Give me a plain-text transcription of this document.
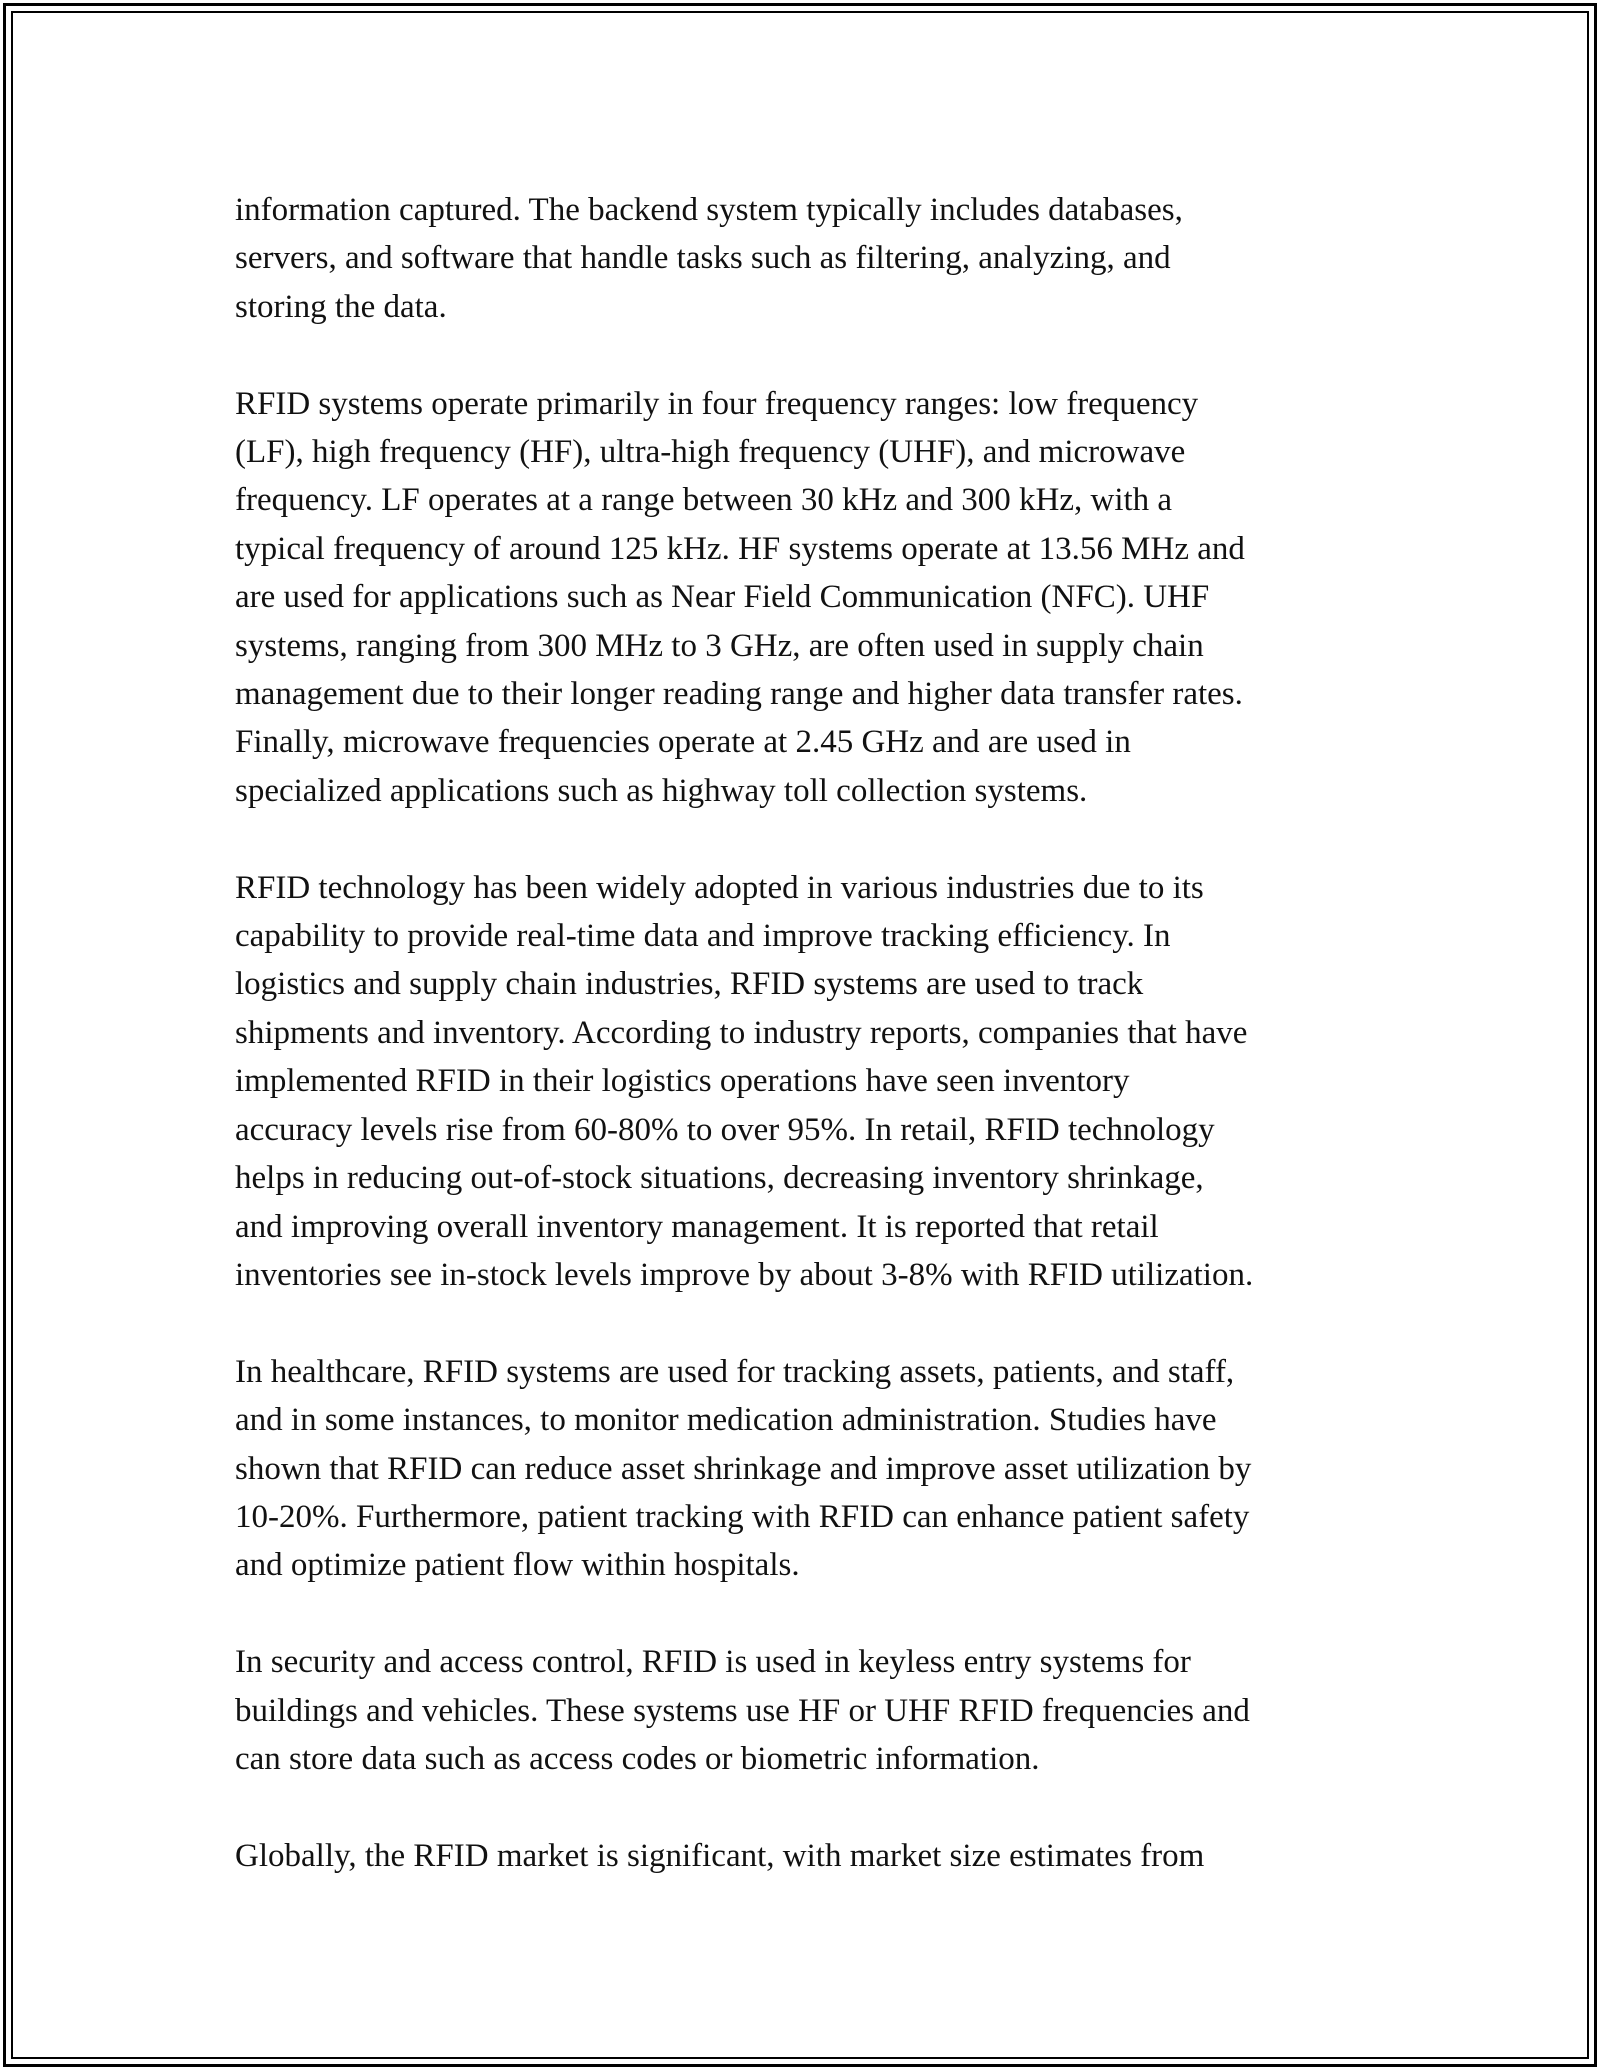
information captured. The backend system typically includes databases,
servers, and software that handle tasks such as filtering, analyzing, and
storing the data.

RFID systems operate primarily in four frequency ranges: low frequency
(LF), high frequency (HF), ultra-high frequency (UHF), and microwave
frequency. LF operates at a range between 30 kHz and 300 kHz, with a
typical frequency of around 125 kHz. HF systems operate at 13.56 MHz and
are used for applications such as Near Field Communication (NFC). UHF
systems, ranging from 300 MHz to 3 GHz, are often used in supply chain
management due to their longer reading range and higher data transfer rates.
Finally, microwave frequencies operate at 2.45 GHz and are used in
specialized applications such as highway toll collection systems.

RFID technology has been widely adopted in various industries due to its
capability to provide real-time data and improve tracking efficiency. In
logistics and supply chain industries, RFID systems are used to track
shipments and inventory. According to industry reports, companies that have
implemented RFID in their logistics operations have seen inventory
accuracy levels rise from 60-80% to over 95%. In retail, RFID technology
helps in reducing out-of-stock situations, decreasing inventory shrinkage,
and improving overall inventory management. It is reported that retail
inventories see in-stock levels improve by about 3-8% with RFID utilization.

In healthcare, RFID systems are used for tracking assets, patients, and staff,
and in some instances, to monitor medication administration. Studies have
shown that RFID can reduce asset shrinkage and improve asset utilization by
10-20%. Furthermore, patient tracking with RFID can enhance patient safety
and optimize patient flow within hospitals.

In security and access control, RFID is used in keyless entry systems for
buildings and vehicles. These systems use HF or UHF RFID frequencies and
can store data such as access codes or biometric information.

Globally, the RFID market is significant, with market size estimates from
